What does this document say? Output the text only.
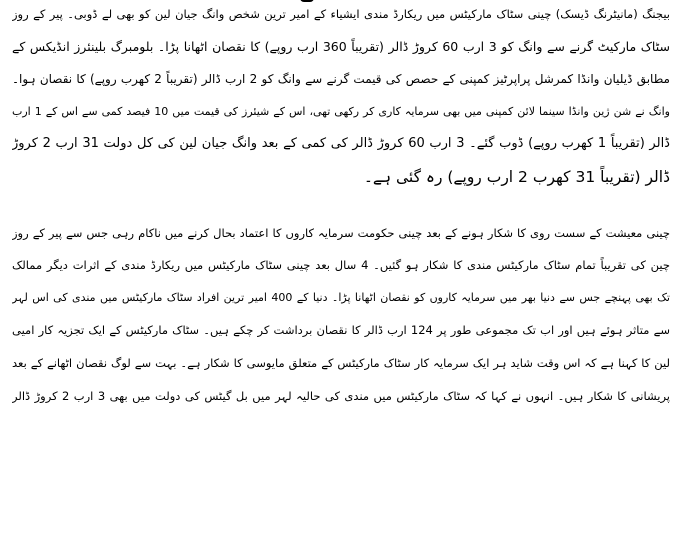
بیجنگ (مانیٹرنگ ڈیسک) چینی سٹاک مارکیٹس میں ریکارڈ مندی ایشیاء کے امیر ترین شخص وانگ جیان لین کو بھی لے ڈوبی۔ پیر کے روز
سٹاک مارکیٹ گرنے سے وانگ کو 3 ارب 60 کروڑ ڈالر (تقریباً 360 ارب روپے) کا نقصان اٹھانا پڑا۔ بلومبرگ بلینئرز انڈیکس کے
مطابق ڈیلیان وانڈا کمرشل پراپرٹیز کمپنی کے حصص کی قیمت گرنے سے وانگ کو 2 ارب ڈالر (تقریباً 2 کھرب روپے) کا نقصان ہوا۔
وانگ نے شن ژین وانڈا سینما لائن کمپنی میں بھی سرمایہ کاری کر رکھی تھی، اس کے شیئرز کی قیمت میں 10 فیصد کمی سے اس کے 1 ارب
ڈالر (تقریباً 1 کھرب روپے) ڈوب گئے۔ 3 ارب 60 کروڑ ڈالر کی کمی کے بعد وانگ جیان لین کی کل دولت 31 ارب 2 کروڑ
ڈالر (تقریباً 31 کھرب 2 ارب روپے) رہ گئی ہے۔
چینی معیشت کے سست روی کا شکار ہونے کے بعد چینی حکومت سرمایہ کاروں کا اعتماد بحال کرنے میں ناکام رہی جس سے پیر کے روز
چین کی تقریباً تمام سٹاک مارکیٹس مندی کا شکار ہو گئیں۔ 4 سال بعد چینی سٹاک مارکیٹس میں ریکارڈ مندی کے اثرات دیگر ممالک
تک بھی پہنچے جس سے دنیا بھر میں سرمایہ کاروں کو نقصان اٹھانا پڑا۔ دنیا کے 400 امیر ترین افراد سٹاک مارکیٹس میں مندی کی اس لہر
سے متاثر ہوئے ہیں اور اب تک مجموعی طور پر 124 ارب ڈالر کا نقصان برداشت کر چکے ہیں۔ سٹاک مارکیٹس کے ایک تجزیہ کار امیی
لین کا کہنا ہے کہ اس وقت شاید ہر ایک سرمایہ کار سٹاک مارکیٹس کے متعلق مایوسی کا شکار ہے۔ بہت سے لوگ نقصان اٹھانے کے بعد
پریشانی کا شکار ہیں۔ انہوں نے کہا کہ سٹاک مارکیٹس میں مندی کی حالیہ لہر میں بل گیٹس کی دولت میں بھی 3 ارب 2 کروڑ ڈالر
